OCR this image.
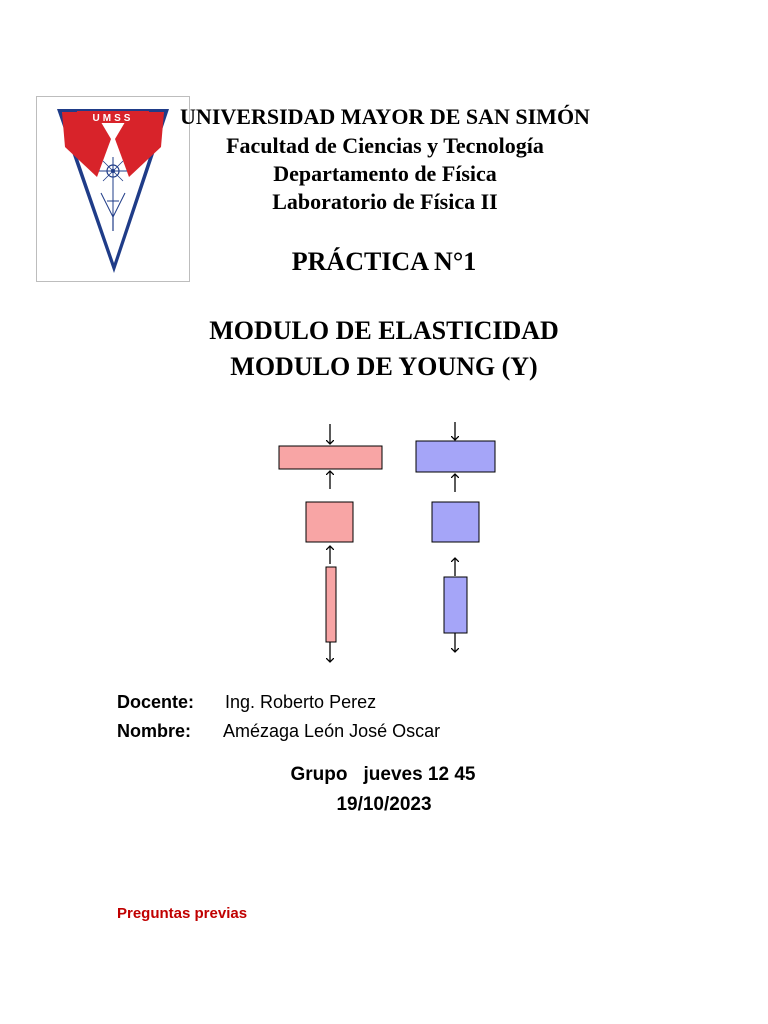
UMSS	UNIVERSIDAD MAYOR DE SAN SIMÓN
Facultad de Ciencias y Tecnología
Departamento de Física
Laboratorio de Física II
PRÁCTICA N°1
MODULO DE ELASTICIDAD
MODULO DE YOUNG (Y)
Docente: Ing. Roberto Perez
Nombre: Amézaga León José Oscar
Grupo jueves 12 45
19/10/2023
Preguntas previas
